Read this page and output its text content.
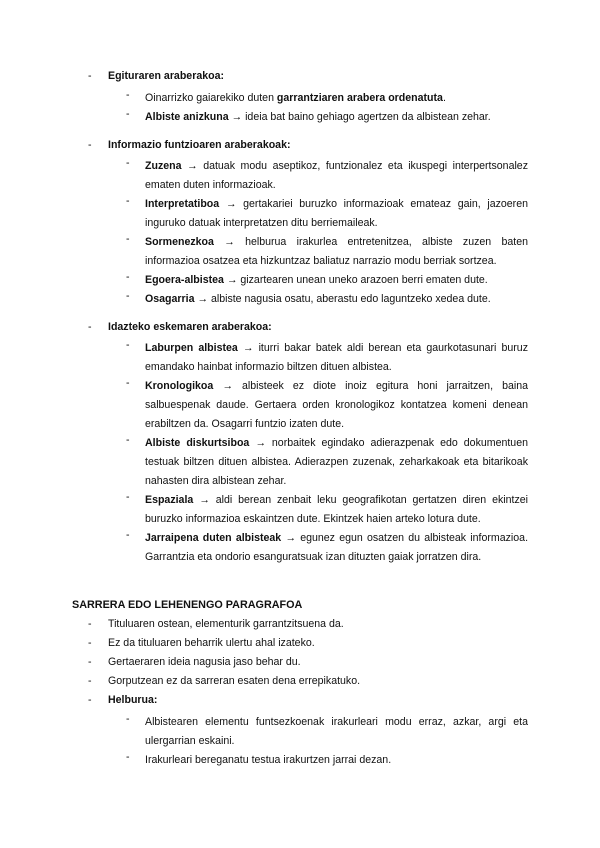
- Egituraren araberakoa:
- Oinarrizko gaiarekiko duten garrantziaren arabera ordenatuta.
- Albiste anizkuna → ideia bat baino gehiago agertzen da albistean zehar.
- Informazio funtzioaren araberakoak:
- Zuzena → datuak modu aseptikoz, funtzionalez eta ikuspegi interpertsonalez ematen duten informazioak.
- Interpretatiboa → gertakariei buruzko informazioak emateaz gain, jazoeren inguruko datuak interpretatzen ditu berriemaileak.
- Sormenezkoa → helburua irakurlea entretenitzea, albiste zuzen baten informazioa osatzea eta hizkuntzaz baliatuz narrazio modu berriak sortzea.
- Egoera-albistea → gizartearen unean uneko arazoen berri ematen dute.
- Osagarria → albiste nagusia osatu, aberastu edo laguntzeko xedea dute.
- Idazteko eskemaren araberakoa:
- Laburpen albistea → iturri bakar batek aldi berean eta gaurkotasunari buruz emandako hainbat informazio biltzen dituen albistea.
- Kronologikoa → albisteek ez diote inoiz egitura honi jarraitzen, baina salbuespenak daude. Gertaera orden kronologikoz kontatzea komeni denean erabiltzen da. Osagarri funtzio izaten dute.
- Albiste diskurtsiboa → norbaitek egindako adierazpenak edo dokumentuen testuak biltzen dituen albistea. Adierazpen zuzenak, zeharkakoak eta bitarikoak nahasten dira albistean zehar.
- Espaziala → aldi berean zenbait leku geografikotan gertatzen diren ekintzei buruzko informazioa eskaintzen dute. Ekintzek haien arteko lotura dute.
- Jarraipena duten albisteak → egunez egun osatzen du albisteak informazioa. Garrantzia eta ondorio esanguratsuak izan dituzten gaiak jorratzen dira.
SARRERA EDO LEHENENGO PARAGRAFOA
- Tituluaren ostean, elementurik garrantzitsuena da.
- Ez da tituluaren beharrik ulertu ahal izateko.
- Gertaeraren ideia nagusia jaso behar du.
- Gorputzean ez da sarreran esaten dena errepikatuko.
- Helburua:
- Albistearen elementu funtsezkoenak irakurleari modu erraz, azkar, argi eta ulergarrian eskaini.
- Irakurleari bereganatu testua irakurtzen jarrai dezan.
